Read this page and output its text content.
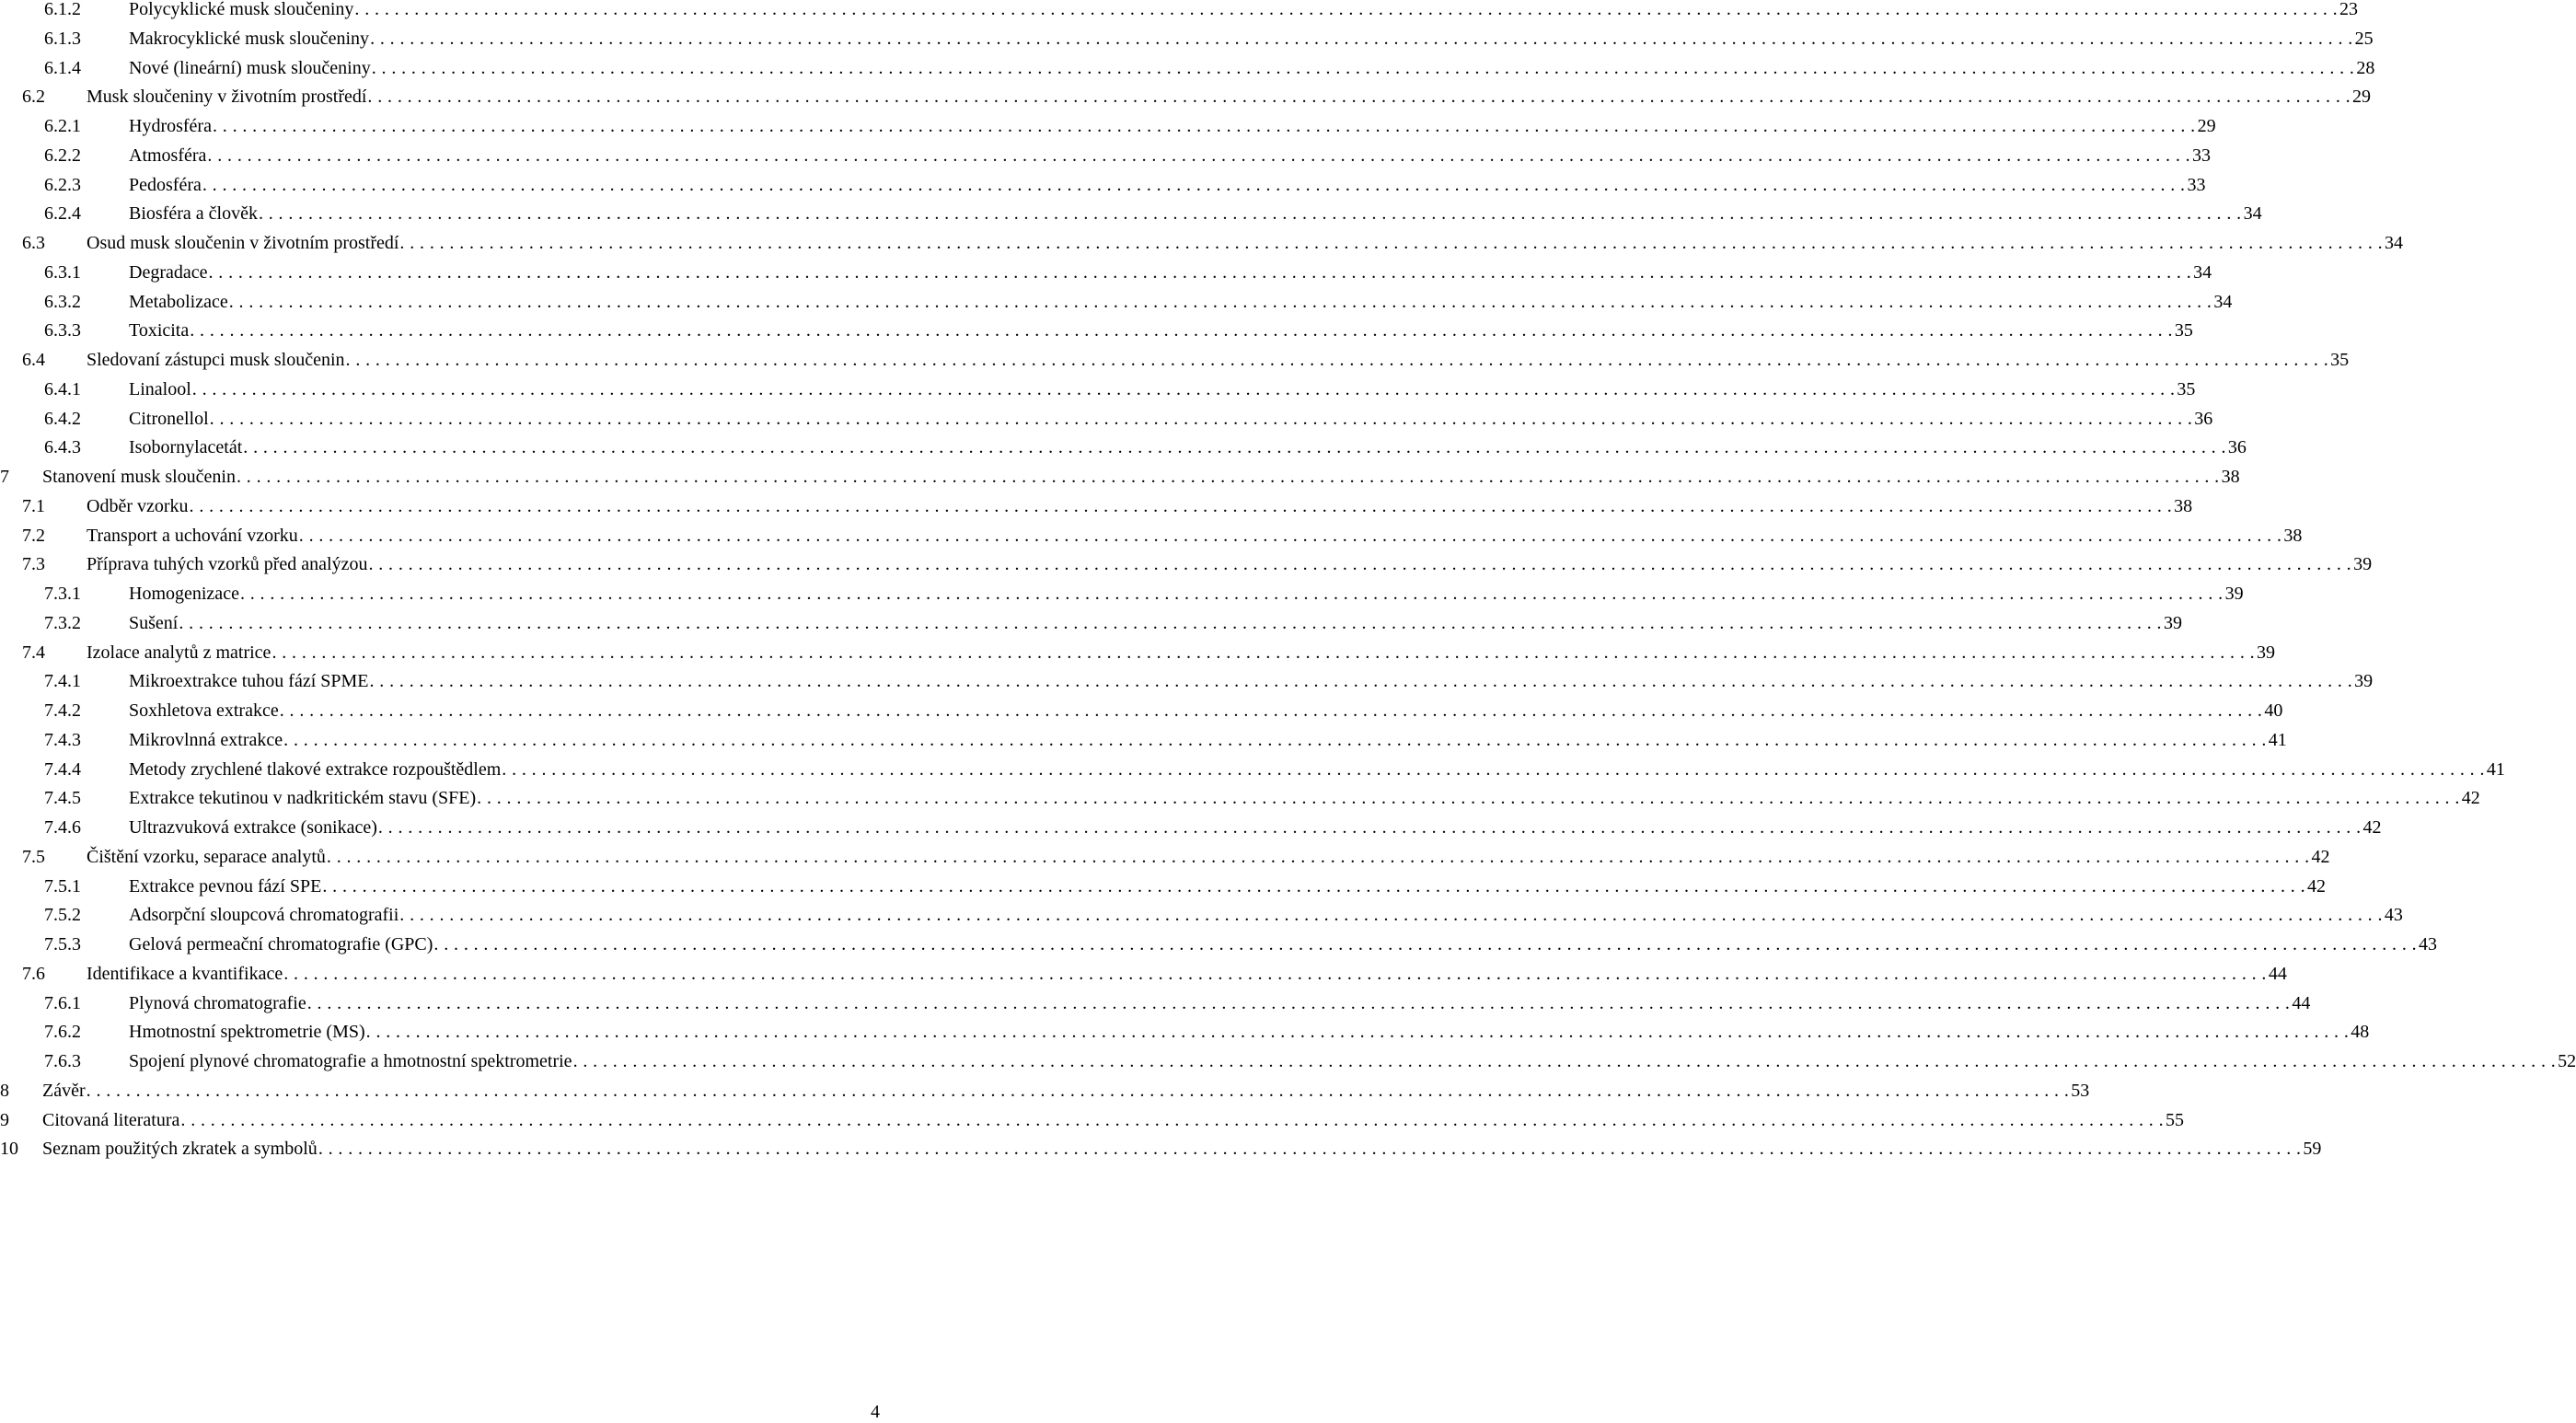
6.1.2	Polycyklické musk sloučeniny . . . . . . . . . . . . . . . . . . . . . . . . . . . . . . . . . . . . . . . . . . . . . . . . . . . . . . . . . . . . . . . . . . . . . . . . . . . . . . . . . . . . . . . . . . . . . . . . . . . . . . . . . . . . . . . . . . . . . . . . . . . . . . . . . . . . . . . . . . . . . . . . . . . . . . . . . . . . . . . . . . . . . . . . . . . . . . . . . . . . . . . . . . . . . . . . . . . . . . . . 23
6.1.3	Makrocyklické musk sloučeniny . . . . . . . . . . . . . . . . . . . . . . . . . . . . . . . . . . . . . . . . . . . . . . . . . . . . . . . . . . . . . . . . . . . . . . . . . . . . . . . . . . . . . . . . . . . . . . . . . . . . . . . . . . . . . . . . . . . . . . . . . . . . . . . . . . . . . . . . . . . . . . . . . . . . . . . . . . . . . . . . . . . . . . . . . . . . . . . . . . . . . . . . . . . . . . . . . . . . . . . . 25
6.1.4	Nové (lineární) musk sloučeniny . . . . . . . . . . . . . . . . . . . . . . . . . . . . . . . . . . . . . . . . . . . . . . . . . . . . . . . . . . . . . . . . . . . . . . . . . . . . . . . . . . . . . . . . . . . . . . . . . . . . . . . . . . . . . . . . . . . . . . . . . . . . . . . . . . . . . . . . . . . . . . . . . . . . . . . . . . . . . . . . . . . . . . . . . . . . . . . . . . . . . . . . . . . . . . . . . . . . . . . . 28
6.2 Musk sloučeniny v životním prostředí . . . . . . . . . . . . . . . . . . . . . . . . . . . . . . . . . . . . . . . . . . . . . . . . . . . . . . . . . . . . . . . . . . . . . . . . . . . . . . . . . . . . . . . . . . . . . . . . . . . . . . . . . . . . . . . . . . . . . . . . . . . . . . . . . . . . . . . . . . . . . . . . . . . . . . . . . . . . . . . . . . . . . . . . . . . . . . . . . . . . . . . . . . . . . . . . . . . . . . . . 29
6.2.1	Hydrosféra . . . . . . . . . . . . . . . . . . . . . . . . . . . . . . . . . . . . . . . . . . . . . . . . . . . . . . . . . . . . . . . . . . . . . . . . . . . . . . . . . . . . . . . . . . . . . . . . . . . . . . . . . . . . . . . . . . . . . . . . . . . . . . . . . . . . . . . . . . . . . . . . . . . . . . . . . . . . . . . . . . . . . . . . . . . . . . . . . . . . . . . . . . . . . . . . . . . . . . . . 29
6.2.2	Atmosféra . . . . . . . . . . . . . . . . . . . . . . . . . . . . . . . . . . . . . . . . . . . . . . . . . . . . . . . . . . . . . . . . . . . . . . . . . . . . . . . . . . . . . . . . . . . . . . . . . . . . . . . . . . . . . . . . . . . . . . . . . . . . . . . . . . . . . . . . . . . . . . . . . . . . . . . . . . . . . . . . . . . . . . . . . . . . . . . . . . . . . . . . . . . . . . . . . . . . . . . . 33
6.2.3	Pedosféra . . . . . . . . . . . . . . . . . . . . . . . . . . . . . . . . . . . . . . . . . . . . . . . . . . . . . . . . . . . . . . . . . . . . . . . . . . . . . . . . . . . . . . . . . . . . . . . . . . . . . . . . . . . . . . . . . . . . . . . . . . . . . . . . . . . . . . . . . . . . . . . . . . . . . . . . . . . . . . . . . . . . . . . . . . . . . . . . . . . . . . . . . . . . . . . . . . . . . . . . 33
6.2.4	Biosféra a člověk . . . . . . . . . . . . . . . . . . . . . . . . . . . . . . . . . . . . . . . . . . . . . . . . . . . . . . . . . . . . . . . . . . . . . . . . . . . . . . . . . . . . . . . . . . . . . . . . . . . . . . . . . . . . . . . . . . . . . . . . . . . . . . . . . . . . . . . . . . . . . . . . . . . . . . . . . . . . . . . . . . . . . . . . . . . . . . . . . . . . . . . . . . . . . . . . . . . . . . . . 34
6.3 Osud musk sloučenin v životním prostředí . . . . . . . . . . . . . . . . . . . . . . . . . . . . . . . . . . . . . . . . . . . . . . . . . . . . . . . . . . . . . . . . . . . . . . . . . . . . . . . . . . . . . . . . . . . . . . . . . . . . . . . . . . . . . . . . . . . . . . . . . . . . . . . . . . . . . . . . . . . . . . . . . . . . . . . . . . . . . . . . . . . . . . . . . . . . . . . . . . . . . . . . . . . . . . . . . . . . . . . . 34
6.3.1	Degradace . . . . . . . . . . . . . . . . . . . . . . . . . . . . . . . . . . . . . . . . . . . . . . . . . . . . . . . . . . . . . . . . . . . . . . . . . . . . . . . . . . . . . . . . . . . . . . . . . . . . . . . . . . . . . . . . . . . . . . . . . . . . . . . . . . . . . . . . . . . . . . . . . . . . . . . . . . . . . . . . . . . . . . . . . . . . . . . . . . . . . . . . . . . . . . . . . . . . . . . . 34
6.3.2	Metabolizace . . . . . . . . . . . . . . . . . . . . . . . . . . . . . . . . . . . . . . . . . . . . . . . . . . . . . . . . . . . . . . . . . . . . . . . . . . . . . . . . . . . . . . . . . . . . . . . . . . . . . . . . . . . . . . . . . . . . . . . . . . . . . . . . . . . . . . . . . . . . . . . . . . . . . . . . . . . . . . . . . . . . . . . . . . . . . . . . . . . . . . . . . . . . . . . . . . . . . . . . 34
6.3.3	Toxicita . . . . . . . . . . . . . . . . . . . . . . . . . . . . . . . . . . . . . . . . . . . . . . . . . . . . . . . . . . . . . . . . . . . . . . . . . . . . . . . . . . . . . . . . . . . . . . . . . . . . . . . . . . . . . . . . . . . . . . . . . . . . . . . . . . . . . . . . . . . . . . . . . . . . . . . . . . . . . . . . . . . . . . . . . . . . . . . . . . . . . . . . . . . . . . . . . . . . . . . . 35
6.4 Sledovaní zástupci musk sloučenin . . . . . . . . . . . . . . . . . . . . . . . . . . . . . . . . . . . . . . . . . . . . . . . . . . . . . . . . . . . . . . . . . . . . . . . . . . . . . . . . . . . . . . . . . . . . . . . . . . . . . . . . . . . . . . . . . . . . . . . . . . . . . . . . . . . . . . . . . . . . . . . . . . . . . . . . . . . . . . . . . . . . . . . . . . . . . . . . . . . . . . . . . . . . . . . . . . . . . . . . 35
6.4.1	Linalool . . . . . . . . . . . . . . . . . . . . . . . . . . . . . . . . . . . . . . . . . . . . . . . . . . . . . . . . . . . . . . . . . . . . . . . . . . . . . . . . . . . . . . . . . . . . . . . . . . . . . . . . . . . . . . . . . . . . . . . . . . . . . . . . . . . . . . . . . . . . . . . . . . . . . . . . . . . . . . . . . . . . . . . . . . . . . . . . . . . . . . . . . . . . . . . . . . . . . . . . 35
6.4.2	Citronellol . . . . . . . . . . . . . . . . . . . . . . . . . . . . . . . . . . . . . . . . . . . . . . . . . . . . . . . . . . . . . . . . . . . . . . . . . . . . . . . . . . . . . . . . . . . . . . . . . . . . . . . . . . . . . . . . . . . . . . . . . . . . . . . . . . . . . . . . . . . . . . . . . . . . . . . . . . . . . . . . . . . . . . . . . . . . . . . . . . . . . . . . . . . . . . . . . . . . . . . . 36
6.4.3	Isobornylacetát . . . . . . . . . . . . . . . . . . . . . . . . . . . . . . . . . . . . . . . . . . . . . . . . . . . . . . . . . . . . . . . . . . . . . . . . . . . . . . . . . . . . . . . . . . . . . . . . . . . . . . . . . . . . . . . . . . . . . . . . . . . . . . . . . . . . . . . . . . . . . . . . . . . . . . . . . . . . . . . . . . . . . . . . . . . . . . . . . . . . . . . . . . . . . . . . . . . . . . . . 36
7 Stanovení musk sloučenin . . . . . . . . . . . . . . . . . . . . . . . . . . . . . . . . . . . . . . . . . . . . . . . . . . . . . . . . . . . . . . . . . . . . . . . . . . . . . . . . . . . . . . . . . . . . . . . . . . . . . . . . . . . . . . . . . . . . . . . . . . . . . . . . . . . . . . . . . . . . . . . . . . . . . . . . . . . . . . . . . . . . . . . . . . . . . . . . . . . . . . . . . . . . . . . . . . . . . . . . 38
7.1 Odběr vzorku . . . . . . . . . . . . . . . . . . . . . . . . . . . . . . . . . . . . . . . . . . . . . . . . . . . . . . . . . . . . . . . . . . . . . . . . . . . . . . . . . . . . . . . . . . . . . . . . . . . . . . . . . . . . . . . . . . . . . . . . . . . . . . . . . . . . . . . . . . . . . . . . . . . . . . . . . . . . . . . . . . . . . . . . . . . . . . . . . . . . . . . . . . . . . . . . . . . . . . . . 38
7.2 Transport a uchování vzorku . . . . . . . . . . . . . . . . . . . . . . . . . . . . . . . . . . . . . . . . . . . . . . . . . . . . . . . . . . . . . . . . . . . . . . . . . . . . . . . . . . . . . . . . . . . . . . . . . . . . . . . . . . . . . . . . . . . . . . . . . . . . . . . . . . . . . . . . . . . . . . . . . . . . . . . . . . . . . . . . . . . . . . . . . . . . . . . . . . . . . . . . . . . . . . . . . . . . . . . . 38
7.3 Příprava tuhých vzorků před analýzou . . . . . . . . . . . . . . . . . . . . . . . . . . . . . . . . . . . . . . . . . . . . . . . . . . . . . . . . . . . . . . . . . . . . . . . . . . . . . . . . . . . . . . . . . . . . . . . . . . . . . . . . . . . . . . . . . . . . . . . . . . . . . . . . . . . . . . . . . . . . . . . . . . . . . . . . . . . . . . . . . . . . . . . . . . . . . . . . . . . . . . . . . . . . . . . . . . . . . . . . 39
7.3.1	Homogenizace . . . . . . . . . . . . . . . . . . . . . . . . . . . . . . . . . . . . . . . . . . . . . . . . . . . . . . . . . . . . . . . . . . . . . . . . . . . . . . . . . . . . . . . . . . . . . . . . . . . . . . . . . . . . . . . . . . . . . . . . . . . . . . . . . . . . . . . . . . . . . . . . . . . . . . . . . . . . . . . . . . . . . . . . . . . . . . . . . . . . . . . . . . . . . . . . . . . . . . . . 39
7.3.2	Sušení . . . . . . . . . . . . . . . . . . . . . . . . . . . . . . . . . . . . . . . . . . . . . . . . . . . . . . . . . . . . . . . . . . . . . . . . . . . . . . . . . . . . . . . . . . . . . . . . . . . . . . . . . . . . . . . . . . . . . . . . . . . . . . . . . . . . . . . . . . . . . . . . . . . . . . . . . . . . . . . . . . . . . . . . . . . . . . . . . . . . . . . . . . . . . . . . . . . . . . . . 39
7.4 Izolace analytů z matrice . . . . . . . . . . . . . . . . . . . . . . . . . . . . . . . . . . . . . . . . . . . . . . . . . . . . . . . . . . . . . . . . . . . . . . . . . . . . . . . . . . . . . . . . . . . . . . . . . . . . . . . . . . . . . . . . . . . . . . . . . . . . . . . . . . . . . . . . . . . . . . . . . . . . . . . . . . . . . . . . . . . . . . . . . . . . . . . . . . . . . . . . . . . . . . . . . . . . . . . . 39
7.4.1	Mikroextrakce tuhou fází SPME . . . . . . . . . . . . . . . . . . . . . . . . . . . . . . . . . . . . . . . . . . . . . . . . . . . . . . . . . . . . . . . . . . . . . . . . . . . . . . . . . . . . . . . . . . . . . . . . . . . . . . . . . . . . . . . . . . . . . . . . . . . . . . . . . . . . . . . . . . . . . . . . . . . . . . . . . . . . . . . . . . . . . . . . . . . . . . . . . . . . . . . . . . . . . . . . . . . . . . . . 39
7.4.2	Soxhletova extrakce . . . . . . . . . . . . . . . . . . . . . . . . . . . . . . . . . . . . . . . . . . . . . . . . . . . . . . . . . . . . . . . . . . . . . . . . . . . . . . . . . . . . . . . . . . . . . . . . . . . . . . . . . . . . . . . . . . . . . . . . . . . . . . . . . . . . . . . . . . . . . . . . . . . . . . . . . . . . . . . . . . . . . . . . . . . . . . . . . . . . . . . . . . . . . . . . . . . . . . . . 40
7.4.3	Mikrovlnná extrakce . . . . . . . . . . . . . . . . . . . . . . . . . . . . . . . . . . . . . . . . . . . . . . . . . . . . . . . . . . . . . . . . . . . . . . . . . . . . . . . . . . . . . . . . . . . . . . . . . . . . . . . . . . . . . . . . . . . . . . . . . . . . . . . . . . . . . . . . . . . . . . . . . . . . . . . . . . . . . . . . . . . . . . . . . . . . . . . . . . . . . . . . . . . . . . . . . . . . . . . . 41
7.4.4	Metody zrychlené tlakové extrakce rozpouštědlem . . . . . . . . . . . . . . . . . . . . . . . . . . . . . . . . . . . . . . . . . . . . . . . . . . . . . . . . . . . . . . . . . . . . . . . . . . . . . . . . . . . . . . . . . . . . . . . . . . . . . . . . . . . . . . . . . . . . . . . . . . . . . . . . . . . . . . . . . . . . . . . . . . . . . . . . . . . . . . . . . . . . . . . . . . . . . . . . . . . . . . . . . . . . . . . . . . . . . . . . 41
7.4.5	Extrakce tekutinou v nadkritickém stavu (SFE) . . . . . . . . . . . . . . . . . . . . . . . . . . . . . . . . . . . . . . . . . . . . . . . . . . . . . . . . . . . . . . . . . . . . . . . . . . . . . . . . . . . . . . . . . . . . . . . . . . . . . . . . . . . . . . . . . . . . . . . . . . . . . . . . . . . . . . . . . . . . . . . . . . . . . . . . . . . . . . . . . . . . . . . . . . . . . . . . . . . . . . . . . . . . . . . . . . . . . . . . 42
7.4.6	Ultrazvuková extrakce (sonikace) . . . . . . . . . . . . . . . . . . . . . . . . . . . . . . . . . . . . . . . . . . . . . . . . . . . . . . . . . . . . . . . . . . . . . . . . . . . . . . . . . . . . . . . . . . . . . . . . . . . . . . . . . . . . . . . . . . . . . . . . . . . . . . . . . . . . . . . . . . . . . . . . . . . . . . . . . . . . . . . . . . . . . . . . . . . . . . . . . . . . . . . . . . . . . . . . . . . . . . . . 42
7.5 Čištění vzorku, separace analytů . . . . . . . . . . . . . . . . . . . . . . . . . . . . . . . . . . . . . . . . . . . . . . . . . . . . . . . . . . . . . . . . . . . . . . . . . . . . . . . . . . . . . . . . . . . . . . . . . . . . . . . . . . . . . . . . . . . . . . . . . . . . . . . . . . . . . . . . . . . . . . . . . . . . . . . . . . . . . . . . . . . . . . . . . . . . . . . . . . . . . . . . . . . . . . . . . . . . . . . . 42
7.5.1	Extrakce pevnou fází SPE . . . . . . . . . . . . . . . . . . . . . . . . . . . . . . . . . . . . . . . . . . . . . . . . . . . . . . . . . . . . . . . . . . . . . . . . . . . . . . . . . . . . . . . . . . . . . . . . . . . . . . . . . . . . . . . . . . . . . . . . . . . . . . . . . . . . . . . . . . . . . . . . . . . . . . . . . . . . . . . . . . . . . . . . . . . . . . . . . . . . . . . . . . . . . . . . . . . . . . . . 42
7.5.2	Adsorpční sloupcová chromatografii . . . . . . . . . . . . . . . . . . . . . . . . . . . . . . . . . . . . . . . . . . . . . . . . . . . . . . . . . . . . . . . . . . . . . . . . . . . . . . . . . . . . . . . . . . . . . . . . . . . . . . . . . . . . . . . . . . . . . . . . . . . . . . . . . . . . . . . . . . . . . . . . . . . . . . . . . . . . . . . . . . . . . . . . . . . . . . . . . . . . . . . . . . . . . . . . . . . . . . . . 43
7.5.3	Gelová permeační chromatografie (GPC) . . . . . . . . . . . . . . . . . . . . . . . . . . . . . . . . . . . . . . . . . . . . . . . . . . . . . . . . . . . . . . . . . . . . . . . . . . . . . . . . . . . . . . . . . . . . . . . . . . . . . . . . . . . . . . . . . . . . . . . . . . . . . . . . . . . . . . . . . . . . . . . . . . . . . . . . . . . . . . . . . . . . . . . . . . . . . . . . . . . . . . . . . . . . . . . . . . . . . . . . 43
7.6 Identifikace a kvantifikace . . . . . . . . . . . . . . . . . . . . . . . . . . . . . . . . . . . . . . . . . . . . . . . . . . . . . . . . . . . . . . . . . . . . . . . . . . . . . . . . . . . . . . . . . . . . . . . . . . . . . . . . . . . . . . . . . . . . . . . . . . . . . . . . . . . . . . . . . . . . . . . . . . . . . . . . . . . . . . . . . . . . . . . . . . . . . . . . . . . . . . . . . . . . . . . . . . . . . . . . 44
7.6.1	Plynová chromatografie . . . . . . . . . . . . . . . . . . . . . . . . . . . . . . . . . . . . . . . . . . . . . . . . . . . . . . . . . . . . . . . . . . . . . . . . . . . . . . . . . . . . . . . . . . . . . . . . . . . . . . . . . . . . . . . . . . . . . . . . . . . . . . . . . . . . . . . . . . . . . . . . . . . . . . . . . . . . . . . . . . . . . . . . . . . . . . . . . . . . . . . . . . . . . . . . . . . . . . . . 44
7.6.2	Hmotnostní spektrometrie (MS) . . . . . . . . . . . . . . . . . . . . . . . . . . . . . . . . . . . . . . . . . . . . . . . . . . . . . . . . . . . . . . . . . . . . . . . . . . . . . . . . . . . . . . . . . . . . . . . . . . . . . . . . . . . . . . . . . . . . . . . . . . . . . . . . . . . . . . . . . . . . . . . . . . . . . . . . . . . . . . . . . . . . . . . . . . . . . . . . . . . . . . . . . . . . . . . . . . . . . . . . 48
7.6.3	Spojení plynové chromatografie a hmotnostní spektrometrie . . . . . . . . . . . . . . . . . . . . . . . . . . . . . . . . . . . . . . . . . . . . . . . . . . . . . . . . . . . . . . . . . . . . . . . . . . . . . . . . . . . . . . . . . . . . . . . . . . . . . . . . . . . . . . . . . . . . . . . . . . . . . . . . . . . . . . . . . . . . . . . . . . . . . . . . . . . . . . . . . . . . . . . . . . . . . . . . . . . . . . . . . . . . . . . . . . . . . . . . 52
8 Závěr . . . . . . . . . . . . . . . . . . . . . . . . . . . . . . . . . . . . . . . . . . . . . . . . . . . . . . . . . . . . . . . . . . . . . . . . . . . . . . . . . . . . . . . . . . . . . . . . . . . . . . . . . . . . . . . . . . . . . . . . . . . . . . . . . . . . . . . . . . . . . . . . . . . . . . . . . . . . . . . . . . . . . . . . . . . . . . . . . . . . . . . . . . . . . . . . . . . . . . . . 53
9 Citovaná literatura . . . . . . . . . . . . . . . . . . . . . . . . . . . . . . . . . . . . . . . . . . . . . . . . . . . . . . . . . . . . . . . . . . . . . . . . . . . . . . . . . . . . . . . . . . . . . . . . . . . . . . . . . . . . . . . . . . . . . . . . . . . . . . . . . . . . . . . . . . . . . . . . . . . . . . . . . . . . . . . . . . . . . . . . . . . . . . . . . . . . . . . . . . . . . . . . . . . . . . . . 55
10 Seznam použitých zkratek a symbolů . . . . . . . . . . . . . . . . . . . . . . . . . . . . . . . . . . . . . . . . . . . . . . . . . . . . . . . . . . . . . . . . . . . . . . . . . . . . . . . . . . . . . . . . . . . . . . . . . . . . . . . . . . . . . . . . . . . . . . . . . . . . . . . . . . . . . . . . . . . . . . . . . . . . . . . . . . . . . . . . . . . . . . . . . . . . . . . . . . . . . . . . . . . . . . . . . . . . . . . . 59
4
